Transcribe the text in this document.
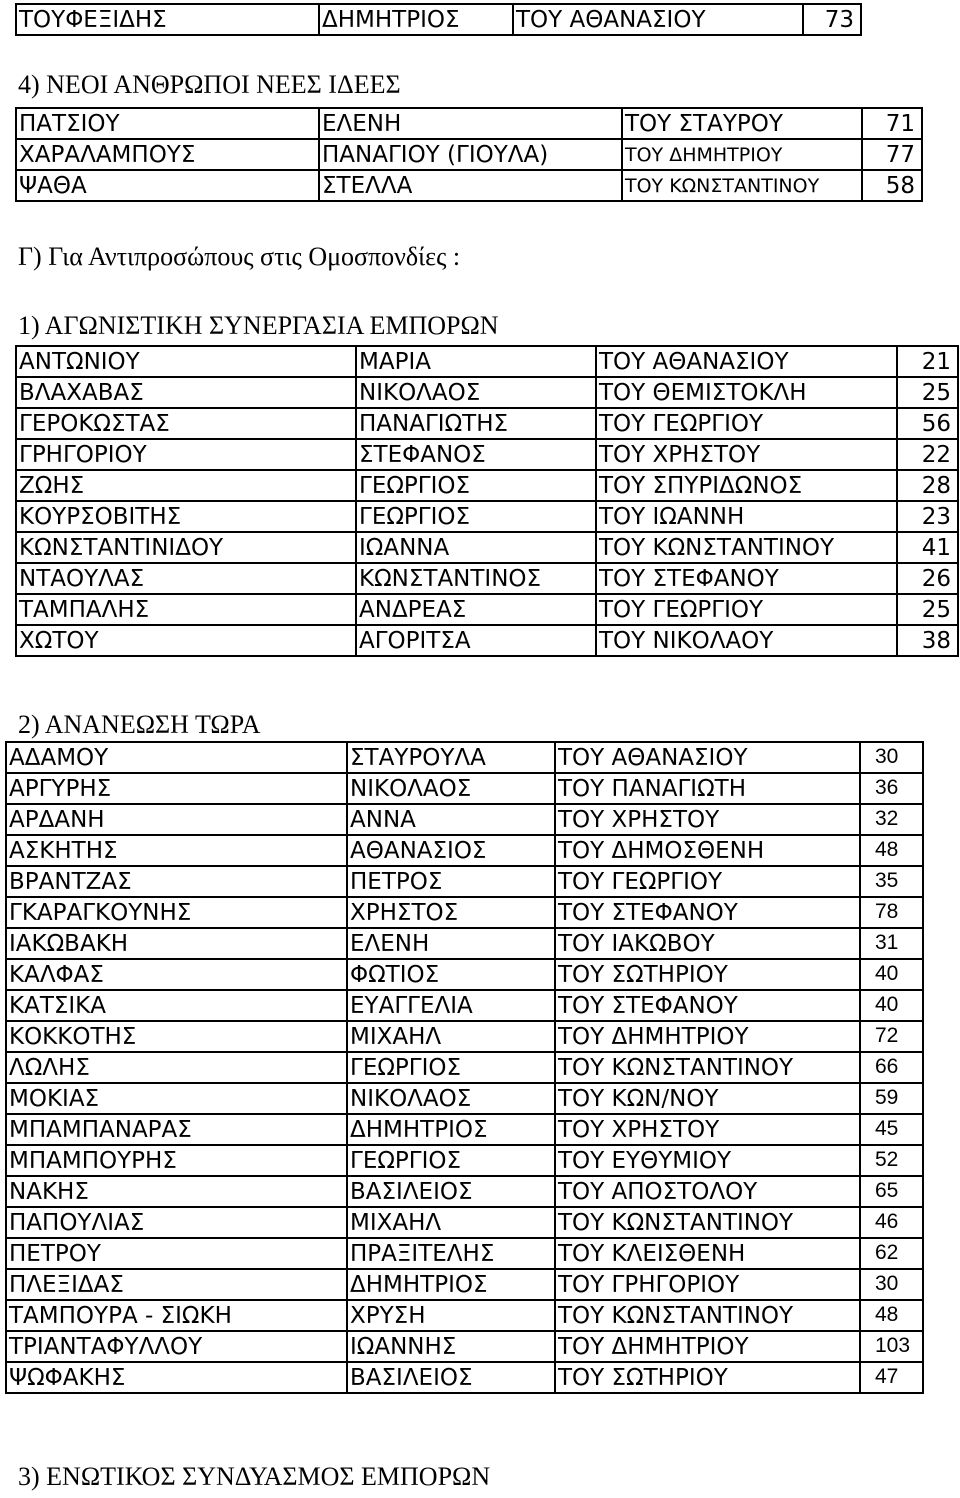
ΤΟΥΦΕΞΙΔΗΣ	ΔΗΜΗΤΡΙΟΣ	ΤΟΥ ΑΘΑΝΑΣΙΟΥ	73
4) ΝΕΟΙ ΑΝΘΡΩΠΟΙ ΝΕΕΣ ΙΔΕΕΣ
ΠΑΤΣΙΟΥ	ΕΛΕΝΗ	ΤΟΥ ΣΤΑΥΡΟΥ	71
ΧΑΡΑΛΑΜΠΟΥΣ	ΠΑΝΑΓΙΟΥ (ΓΙΟΥΛΑ)	ΤΟΥ ΔΗΜΗΤΡΙΟΥ	77
ΨΑΘΑ	ΣΤΕΛΛΑ	ΤΟΥ ΚΩΝΣΤΑΝΤΙΝΟΥ	58
Γ) Για Αντιπροσώπους στις Ομοσπονδίες :
1) ΑΓΩΝΙΣΤΙΚΗ ΣΥΝΕΡΓΑΣΙΑ ΕΜΠΟΡΩΝ
ΑΝΤΩΝΙΟΥ	ΜΑΡΙΑ	ΤΟΥ ΑΘΑΝΑΣΙΟΥ	21
ΒΛΑΧΑΒΑΣ	ΝΙΚΟΛΑΟΣ	ΤΟΥ ΘΕΜΙΣΤΟΚΛΗ	25
ΓΕΡΟΚΩΣΤΑΣ	ΠΑΝΑΓΙΩΤΗΣ	ΤΟΥ ΓΕΩΡΓΙΟΥ	56
ΓΡΗΓΟΡΙΟΥ	ΣΤΕΦΑΝΟΣ	ΤΟΥ ΧΡΗΣΤΟΥ	22
ΖΩΗΣ	ΓΕΩΡΓΙΟΣ	ΤΟΥ ΣΠΥΡΙΔΩΝΟΣ	28
ΚΟΥΡΣΟΒΙΤΗΣ	ΓΕΩΡΓΙΟΣ	ΤΟΥ ΙΩΑΝΝΗ	23
ΚΩΝΣΤΑΝΤΙΝΙΔΟΥ	ΙΩΑΝΝΑ	ΤΟΥ ΚΩΝΣΤΑΝΤΙΝΟΥ	41
ΝΤΑΟΥΛΑΣ	ΚΩΝΣΤΑΝΤΙΝΟΣ	ΤΟΥ ΣΤΕΦΑΝΟΥ	26
ΤΑΜΠΑΛΗΣ	ΑΝΔΡΕΑΣ	ΤΟΥ ΓΕΩΡΓΙΟΥ	25
ΧΩΤΟΥ	ΑΓΟΡΙΤΣΑ	ΤΟΥ ΝΙΚΟΛΑΟΥ	38
2) ΑΝΑΝΕΩΣΗ ΤΩΡΑ
ΑΔΑΜΟΥ	ΣΤΑΥΡΟΥΛΑ	ΤΟΥ ΑΘΑΝΑΣΙΟΥ	30
ΑΡΓΥΡΗΣ	ΝΙΚΟΛΑΟΣ	ΤΟΥ ΠΑΝΑΓΙΩΤΗ	36
ΑΡΔΑΝΗ	ΑΝΝΑ	ΤΟΥ ΧΡΗΣΤΟΥ	32
ΑΣΚΗΤΗΣ	ΑΘΑΝΑΣΙΟΣ	ΤΟΥ ΔΗΜΟΣΘΕΝΗ	48
ΒΡΑΝΤΖΑΣ	ΠΕΤΡΟΣ	ΤΟΥ ΓΕΩΡΓΙΟΥ	35
ΓΚΑΡΑΓΚΟΥΝΗΣ	ΧΡΗΣΤΟΣ	ΤΟΥ ΣΤΕΦΑΝΟΥ	78
ΙΑΚΩΒΑΚΗ	ΕΛΕΝΗ	ΤΟΥ ΙΑΚΩΒΟΥ	31
ΚΑΛΦΑΣ	ΦΩΤΙΟΣ	ΤΟΥ ΣΩΤΗΡΙΟΥ	40
ΚΑΤΣΙΚΑ	ΕΥΑΓΓΕΛΙΑ	ΤΟΥ ΣΤΕΦΑΝΟΥ	40
ΚΟΚΚΟΤΗΣ	ΜΙΧΑΗΛ	ΤΟΥ ΔΗΜΗΤΡΙΟΥ	72
ΛΩΛΗΣ	ΓΕΩΡΓΙΟΣ	ΤΟΥ ΚΩΝΣΤΑΝΤΙΝΟΥ	66
ΜΟΚΙΑΣ	ΝΙΚΟΛΑΟΣ	ΤΟΥ ΚΩΝ/ΝΟΥ	59
ΜΠΑΜΠΑΝΑΡΑΣ	ΔΗΜΗΤΡΙΟΣ	ΤΟΥ ΧΡΗΣΤΟΥ	45
ΜΠΑΜΠΟΥΡΗΣ	ΓΕΩΡΓΙΟΣ	ΤΟΥ ΕΥΘΥΜΙΟΥ	52
ΝΑΚΗΣ	ΒΑΣΙΛΕΙΟΣ	ΤΟΥ ΑΠΟΣΤΟΛΟΥ	65
ΠΑΠΟΥΛΙΑΣ	ΜΙΧΑΗΛ	ΤΟΥ ΚΩΝΣΤΑΝΤΙΝΟΥ	46
ΠΕΤΡΟΥ	ΠΡΑΞΙΤΕΛΗΣ	ΤΟΥ ΚΛΕΙΣΘΕΝΗ	62
ΠΛΕΞΙΔΑΣ	ΔΗΜΗΤΡΙΟΣ	ΤΟΥ ΓΡΗΓΟΡΙΟΥ	30
ΤΑΜΠΟΥΡΑ - ΣΙΩΚΗ	ΧΡΥΣΗ	ΤΟΥ ΚΩΝΣΤΑΝΤΙΝΟΥ	48
ΤΡΙΑΝΤΑΦΥΛΛΟΥ	ΙΩΑΝΝΗΣ	ΤΟΥ ΔΗΜΗΤΡΙΟΥ	103
ΨΩΦΑΚΗΣ	ΒΑΣΙΛΕΙΟΣ	ΤΟΥ ΣΩΤΗΡΙΟΥ	47
3) ΕΝΩΤΙΚΟΣ ΣΥΝΔΥΑΣΜΟΣ ΕΜΠΟΡΩΝ
